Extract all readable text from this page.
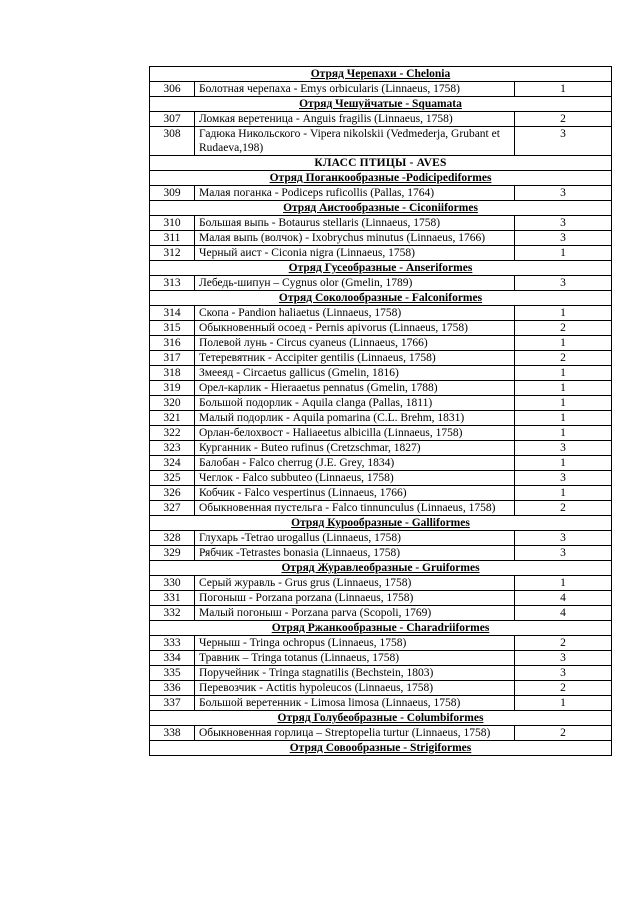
Отряд Черепахи - Chelonia		
306	Болотная черепаха - Emys orbicularis (Linnaeus, 1758)	1
Отряд Чешуйчатые - Squamata		
307	Ломкая веретеница - Anguis fragilis (Linnaeus, 1758)	2
308	Гадюка Никольского - Vipera nikolskii (Vedmederja, Grubant et Rudaeva,198)	3
КЛАСС ПТИЦЫ - AVES		
Отряд Поганкообразные -Podicipediformes		
309	Малая поганка - Podiceps ruficollis (Pallas, 1764)	3
Отряд Аистообразные - Ciconiiformes		
310	Большая выпь - Botaurus stellaris (Linnaeus, 1758)	3
311	Малая выпь (волчок) - Ixobrychus minutus (Linnaeus, 1766)	3
312	Черный аист - Ciconia nigra (Linnaeus, 1758)	1
Отряд Гусеобразные - Anseriformes		
313	Лебедь-шипун – Cygnus olor (Gmelin, 1789)	3
Отряд Соколообразные - Falconiformes		
314	Скопа - Pandion haliaetus (Linnaeus, 1758)	1
315	Обыкновенный осоед - Pernis apivorus (Linnaeus, 1758)	2
316	Полевой лунь - Circus cyaneus (Linnaeus, 1766)	1
317	Тетеревятник - Accipiter gentilis (Linnaeus, 1758)	2
318	Змееяд - Circaetus gallicus (Gmelin, 1816)	1
319	Орел-карлик - Hieraaetus pennatus (Gmelin, 1788)	1
320	Большой подорлик - Aquila clanga (Pallas, 1811)	1
321	Малый подорлик - Aquila pomarina (C.L. Brehm, 1831)	1
322	Орлан-белохвост - Haliaeetus albicilla (Linnaeus, 1758)	1
323	Курганник - Buteo rufinus (Cretzschmar, 1827)	3
324	Балобан - Falco cherrug (J.E. Grey, 1834)	1
325	Чеглок - Falco subbuteo (Linnaeus, 1758)	3
326	Кобчик - Falco vespertinus (Linnaeus, 1766)	1
327	Обыкновенная пустельга - Falco tinnunculus (Linnaeus, 1758)	2
Отряд Курообразные - Galliformes		
328	Глухарь -Tetrao urogallus (Linnaeus, 1758)	3
329	Рябчик -Tetrastes bonasia (Linnaeus, 1758)	3
Отряд Журавлеобразные - Gruiformes		
330	Серый журавль - Grus grus (Linnaeus, 1758)	1
331	Погоныш - Porzana porzana (Linnaeus, 1758)	4
332	Малый погоныш - Porzana parva (Scopoli, 1769)	4
Отряд Ржанкообразные - Charadriiformes		
333	Черныш - Tringa ochropus (Linnaeus, 1758)	2
334	Травник – Tringa totanus (Linnaeus, 1758)	3
335	Поручейник - Tringa stagnatilis (Bechstein, 1803)	3
336	Перевозчик - Actitis hypoleucos (Linnaeus, 1758)	2
337	Большой веретенник - Limosa limosa (Linnaeus, 1758)	1
Отряд Голубеобразные - Columbiformes		
338	Обыкновенная горлица – Streptopelia turtur (Linnaeus, 1758)	2
Отряд Совообразные - Strigiformes		
